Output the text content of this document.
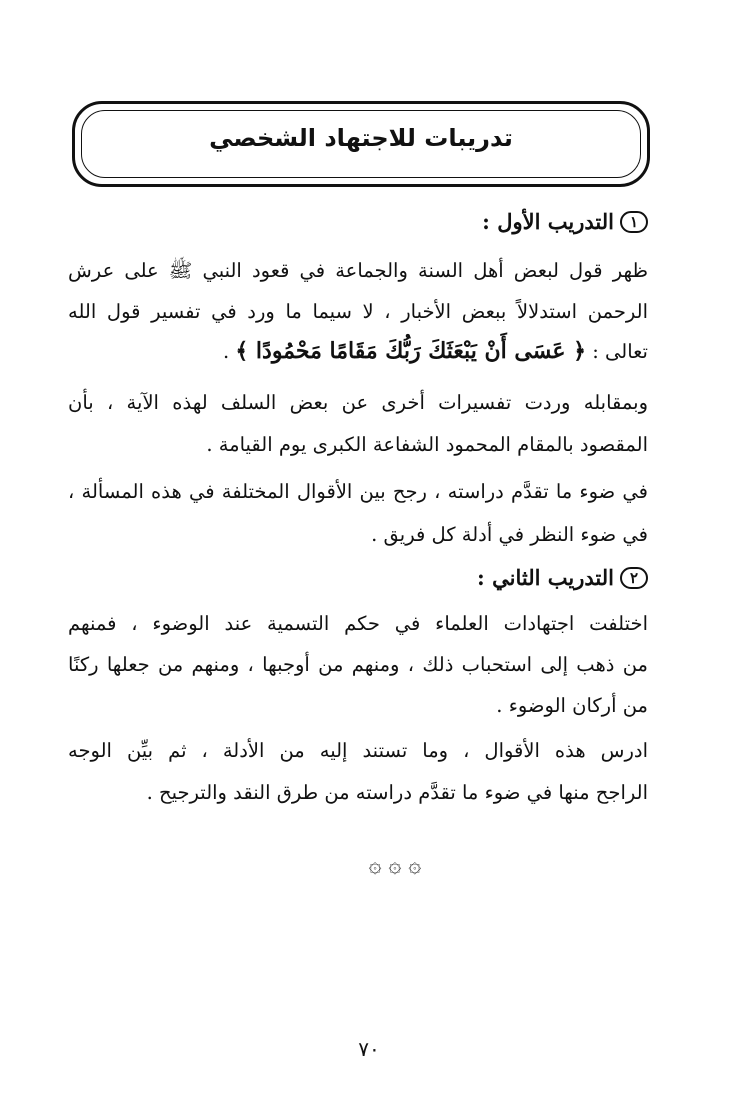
تدريبات للاجتهاد الشخصي
١التدريب الأول :
ظهر قول لبعض أهل السنة والجماعة في قعود النبي ﷺ على عرش
الرحمن استدلالاً ببعض الأخبار ، لا سيما ما ورد في تفسير قول الله
تعالى : ﴿ عَسَى أَنْ يَبْعَثَكَ رَبُّكَ مَقَامًا مَحْمُودًا ﴾ .
وبمقابله وردت تفسيرات أخرى عن بعض السلف لهذه الآية ، بأن
المقصود بالمقام المحمود الشفاعة الكبرى يوم القيامة .
في ضوء ما تقدَّم دراسته ، رجح بين الأقوال المختلفة في هذه المسألة ،
في ضوء النظر في أدلة كل فريق .
٢التدريب الثاني :
اختلفت اجتهادات العلماء في حكم التسمية عند الوضوء ، فمنهم
من ذهب إلى استحباب ذلك ، ومنهم من أوجبها ، ومنهم من جعلها ركنًا
من أركان الوضوء .
ادرس هذه الأقوال ، وما تستند إليه من الأدلة ، ثم بيِّن الوجه
الراجح منها في ضوء ما تقدَّم دراسته من طرق النقد والترجيح .
۞ ۞ ۞
٧٠
